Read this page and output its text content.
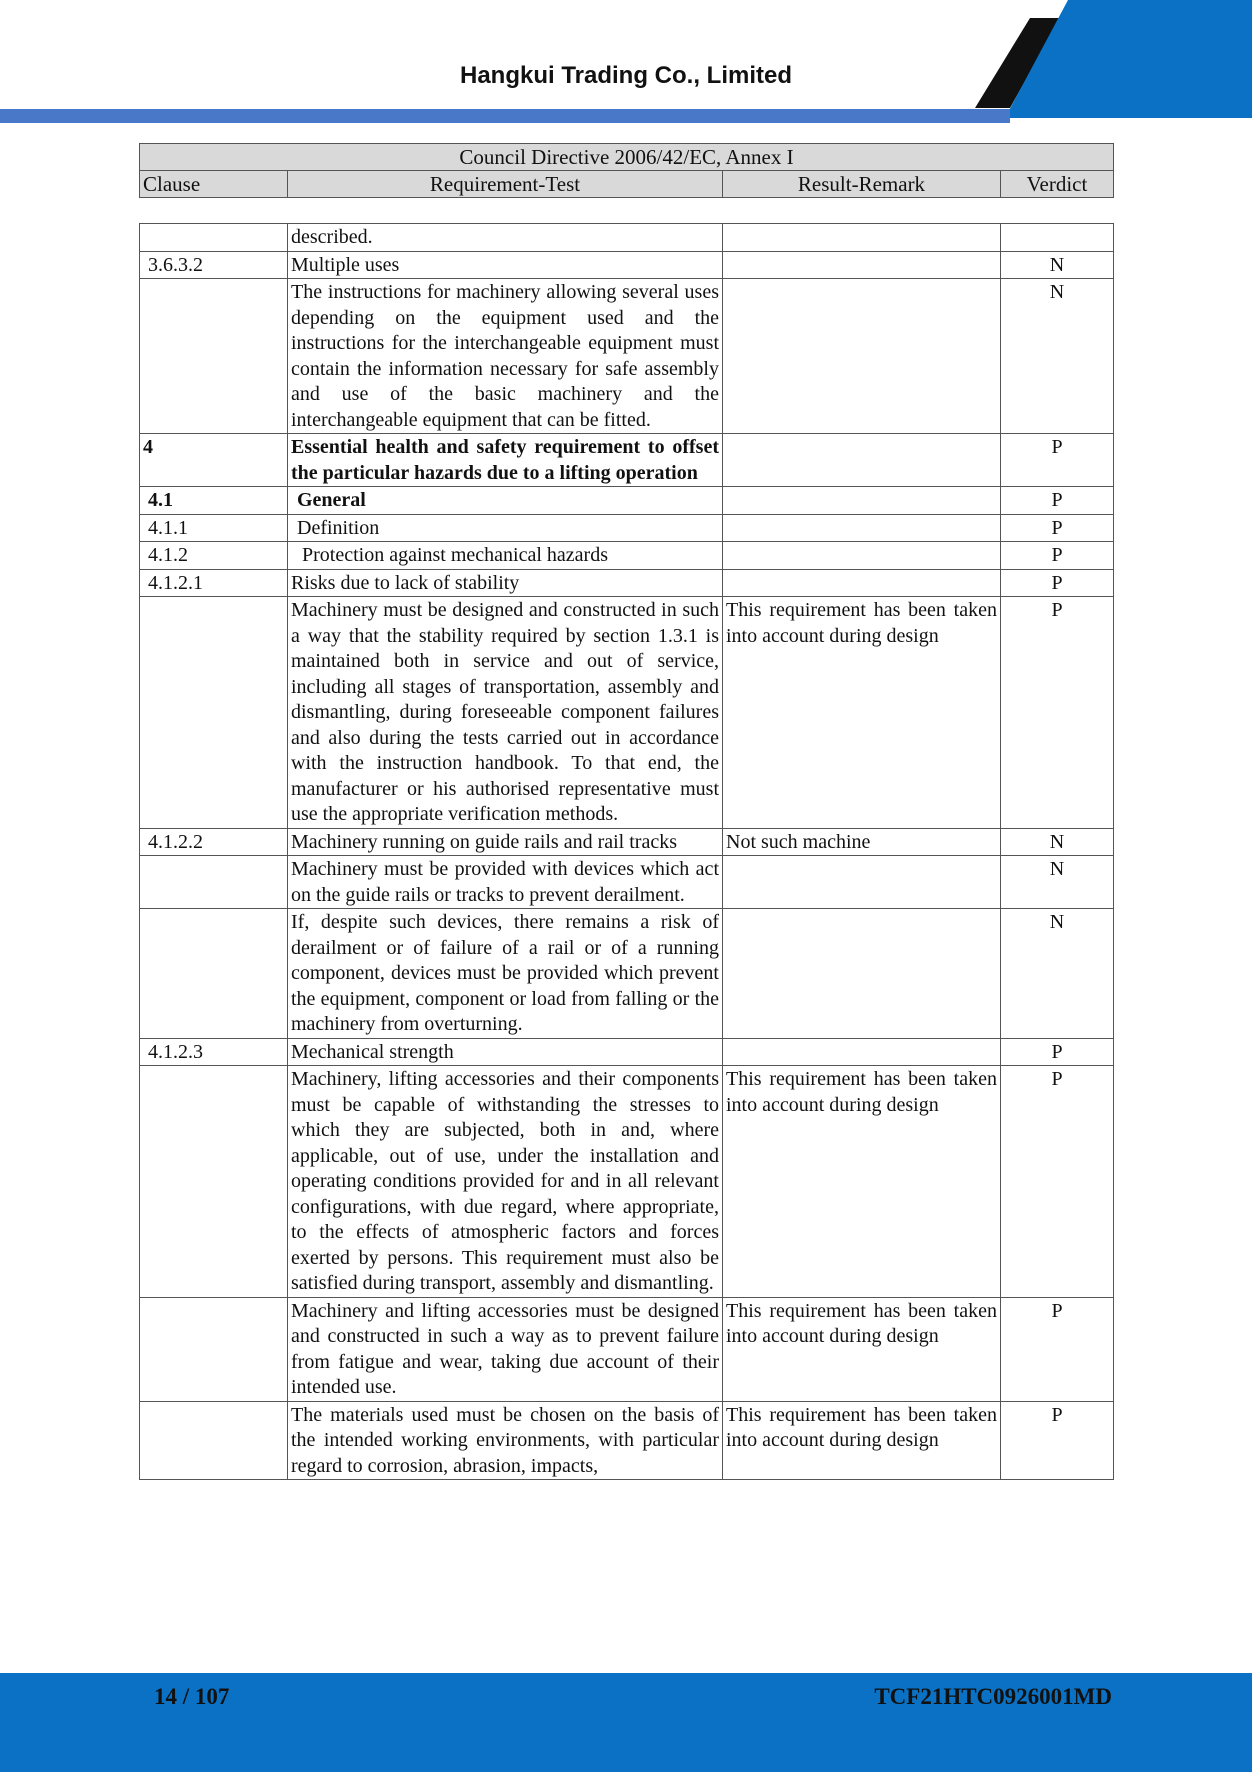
Hangkui Trading Co., Limited
Council Directive 2006/42/EC, Annex I
Clause	Requirement-Test	Result-Remark	Verdict
	described.		
3.6.3.2	Multiple uses		N
	The instructions for machinery allowing several uses depending on the equipment used and the instructions for the interchangeable equipment must contain the information necessary for safe assembly and use of the basic machinery and the interchangeable equipment that can be fitted.		N
4	Essential health and safety requirement to offset the particular hazards due to a lifting operation		P
4.1	General		P
4.1.1	Definition		P
4.1.2	Protection against mechanical hazards		P
4.1.2.1	Risks due to lack of stability		P
	Machinery must be designed and constructed in such a way that the stability required by section 1.3.1 is maintained both in service and out of service, including all stages of transportation, assembly and dismantling, during foreseeable component failures and also during the tests carried out in accordance with the instruction handbook. To that end, the manufacturer or his authorised representative must use the appropriate verification methods.	This requirement has been taken into account during design	P
4.1.2.2	Machinery running on guide rails and rail tracks	Not such machine	N
	Machinery must be provided with devices which act on the guide rails or tracks to prevent derailment.		N
	If, despite such devices, there remains a risk of derailment or of failure of a rail or of a running component, devices must be provided which prevent the equipment, component or load from falling or the machinery from overturning.		N
4.1.2.3	Mechanical strength		P
	Machinery, lifting accessories and their components must be capable of withstanding the stresses to which they are subjected, both in and, where applicable, out of use, under the installation and operating conditions provided for and in all relevant configurations, with due regard, where appropriate, to the effects of atmospheric factors and forces exerted by persons. This requirement must also be satisfied during transport, assembly and dismantling.	This requirement has been taken into account during design	P
	Machinery and lifting accessories must be designed and constructed in such a way as to prevent failure from fatigue and wear, taking due account of their intended use.	This requirement has been taken into account during design	P
	The materials used must be chosen on the basis of the intended working environments, with particular regard to corrosion, abrasion, impacts,	This requirement has been taken into account during design	P
14 / 107	TCF21HTC0926001MD
